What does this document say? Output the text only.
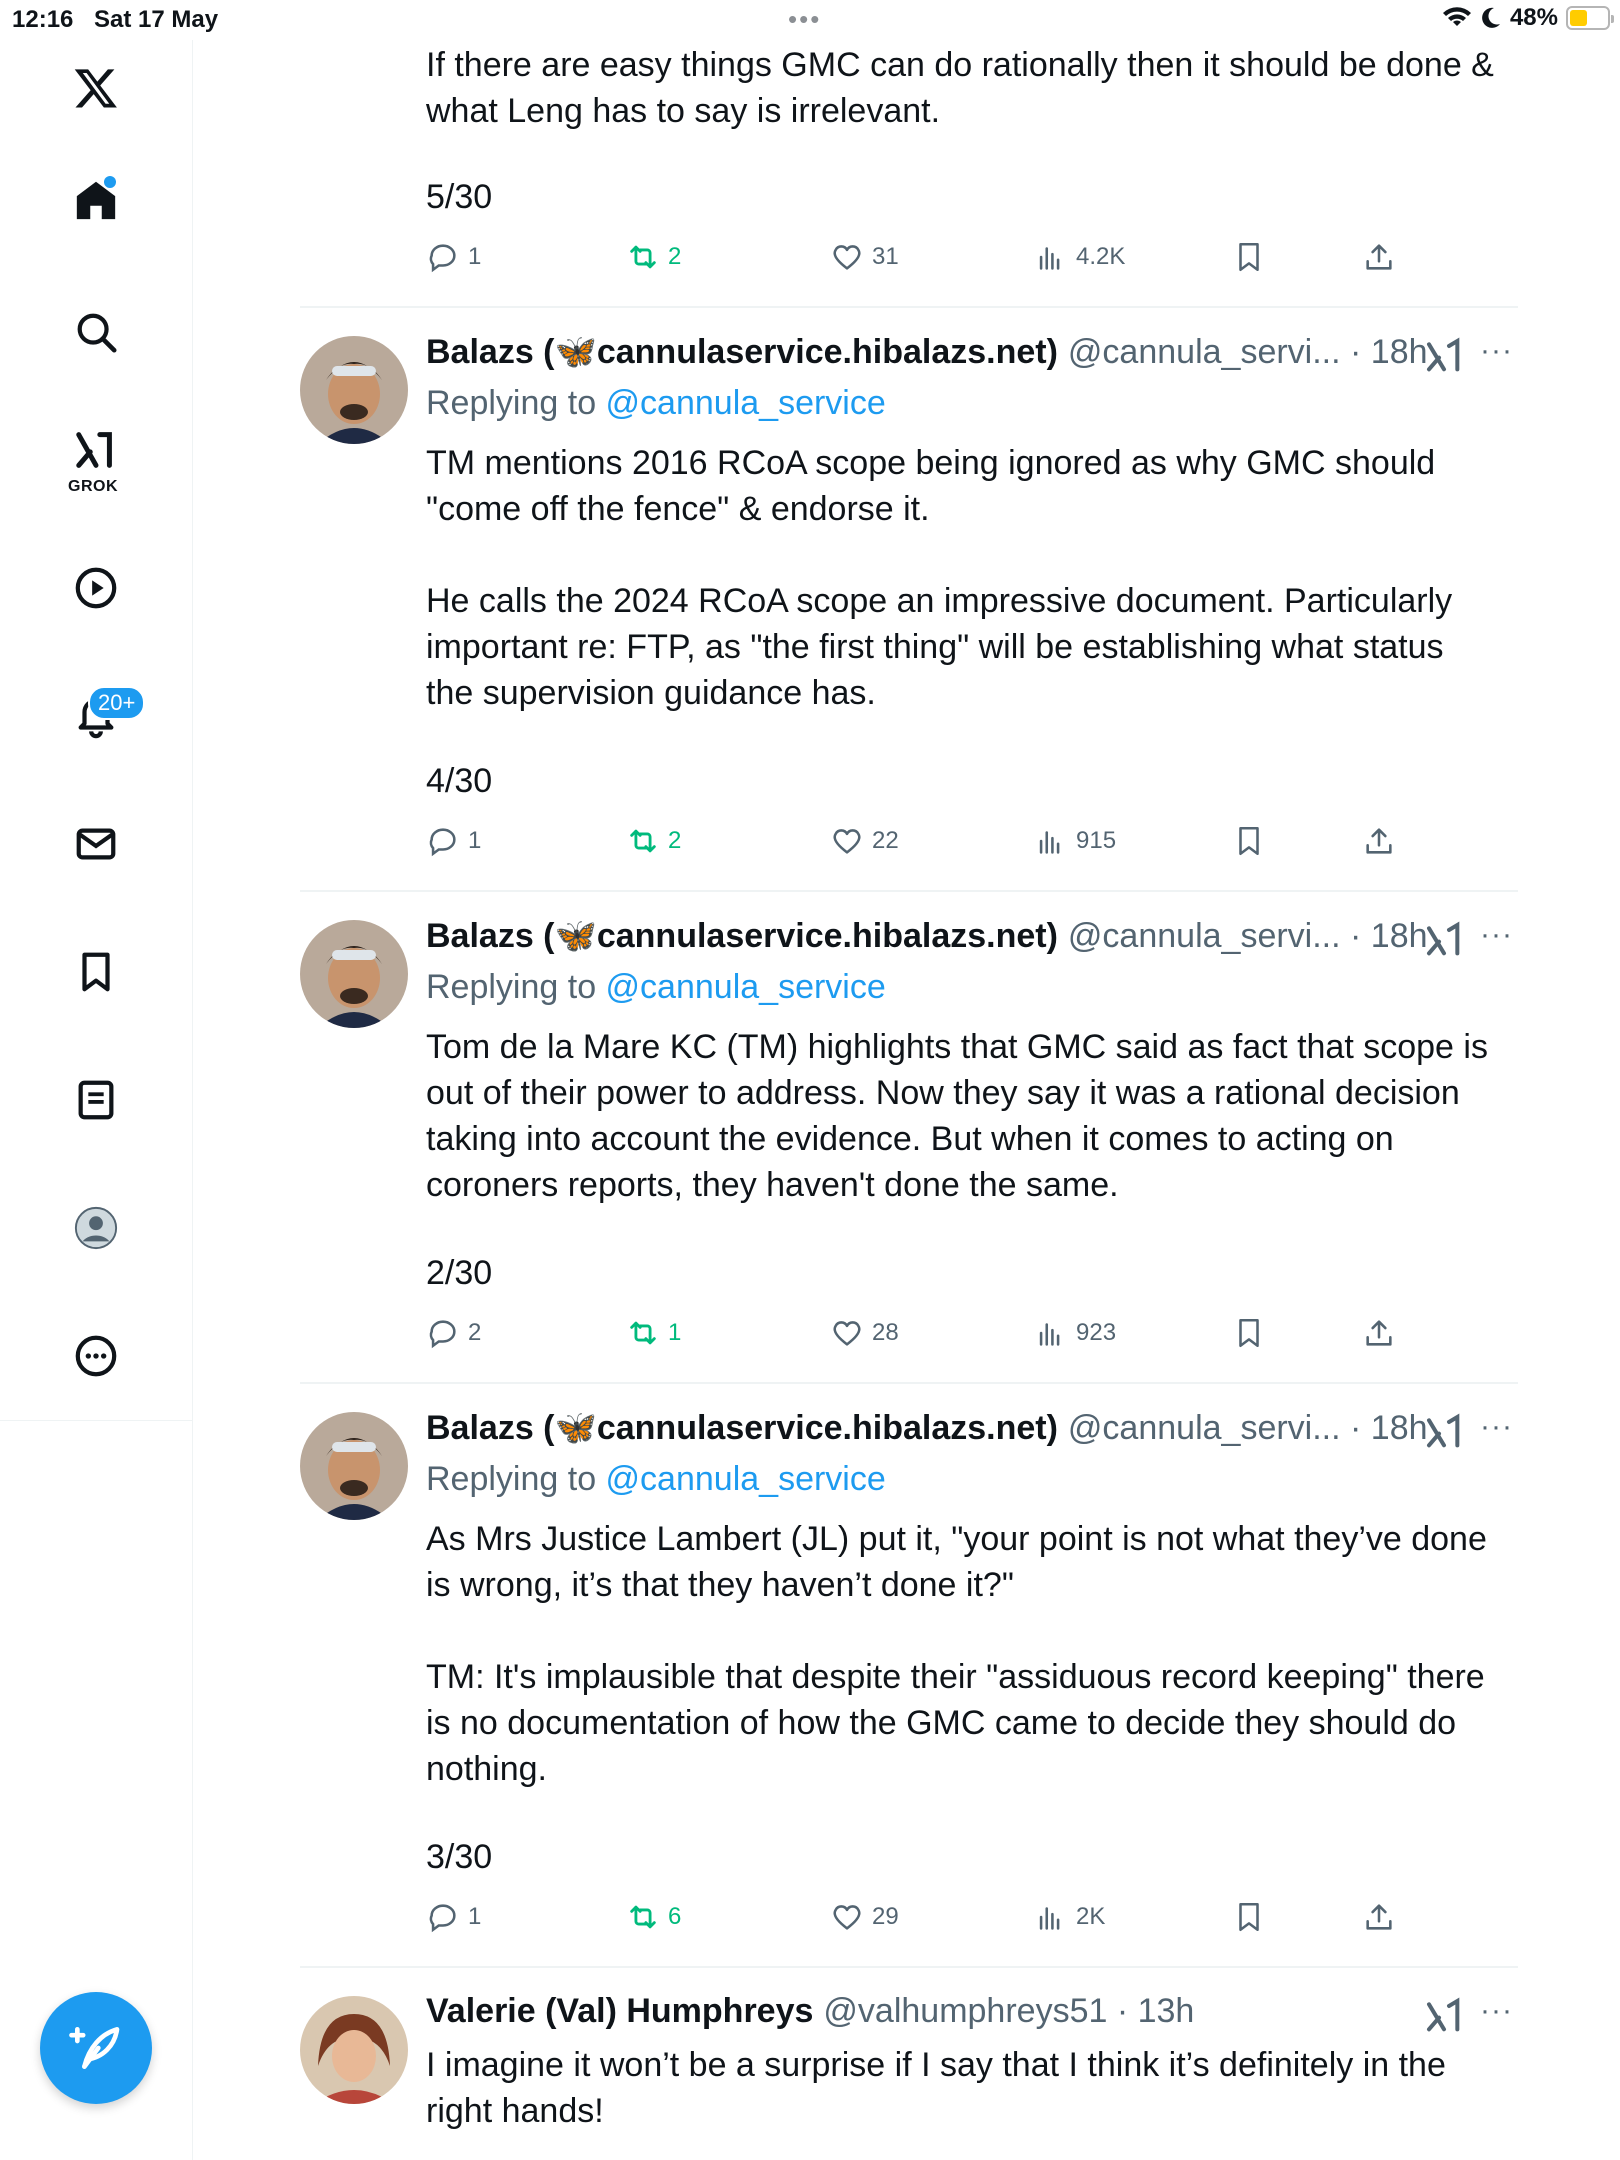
12:16 Sat 17 May	•••	48%
GROK
20+
If there are easy things GMC can do rationally then it should be done &
what Leng has to say is irrelevant.
5/30
1	2	31	4.2K
Balazs (🦋cannulaservice.hibalazs.net) @cannula_servi... · 18h ···
Replying to @cannula_service
TM mentions 2016 RCoA scope being ignored as why GMC should
"come off the fence" & endorse it.

He calls the 2024 RCoA scope an impressive document. Particularly
important re: FTP, as "the first thing" will be establishing what status
the supervision guidance has.
4/30
1	2	22	915
Balazs (🦋cannulaservice.hibalazs.net) @cannula_servi... · 18h ···
Replying to @cannula_service
Tom de la Mare KC (TM) highlights that GMC said as fact that scope is
out of their power to address. Now they say it was a rational decision
taking into account the evidence. But when it comes to acting on
coroners reports, they haven't done the same.
2/30
2	1	28	923
Balazs (🦋cannulaservice.hibalazs.net) @cannula_servi... · 18h ···
Replying to @cannula_service
As Mrs Justice Lambert (JL) put it, "your point is not what they’ve done
is wrong, it’s that they haven’t done it?"

TM: It's implausible that despite their "assiduous record keeping" there
is no documentation of how the GMC came to decide they should do
nothing.
3/30
1	6	29	2K
Valerie (Val) Humphreys @valhumphreys51 · 13h	···
I imagine it won’t be a surprise if I say that I think it’s definitely in the
right hands!
